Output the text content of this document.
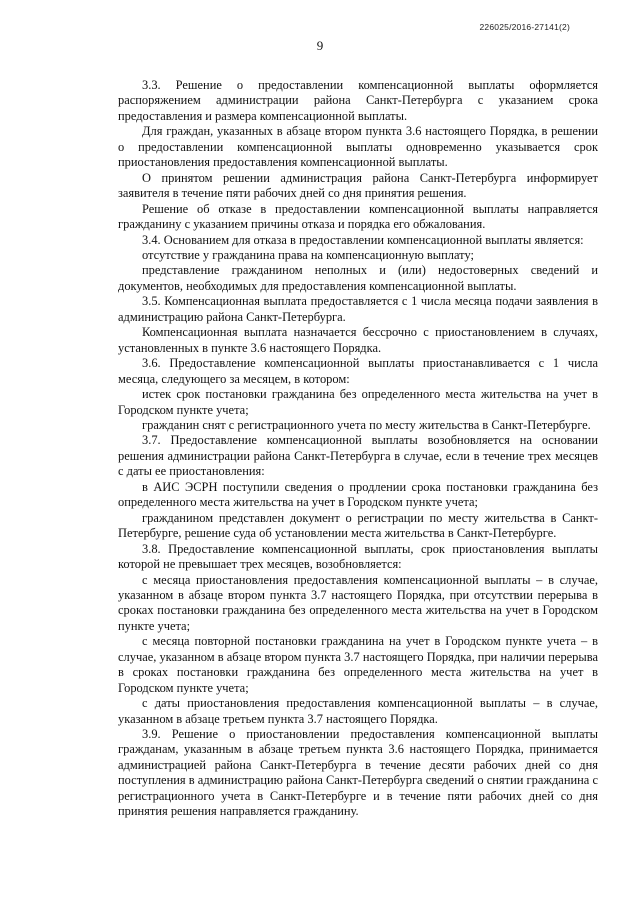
226025/2016-27141(2)
9

3.3. Решение о предоставлении компенсационной выплаты оформляется распоряжением администрации района Санкт-Петербурга с указанием срока предоставления и размера компенсационной выплаты.

Для граждан, указанных в абзаце втором пункта 3.6 настоящего Порядка, в решении о предоставлении компенсационной выплаты одновременно указывается срок приостановления предоставления компенсационной выплаты.

О принятом решении администрация района Санкт-Петербурга информирует заявителя в течение пяти рабочих дней со дня принятия решения.

Решение об отказе в предоставлении компенсационной выплаты направляется гражданину с указанием причины отказа и порядка его обжалования.

3.4. Основанием для отказа в предоставлении компенсационной выплаты является:

отсутствие у гражданина права на компенсационную выплату;

представление гражданином неполных и (или) недостоверных сведений и документов, необходимых для предоставления компенсационной выплаты.

3.5. Компенсационная выплата предоставляется с 1 числа месяца подачи заявления в администрацию района Санкт-Петербурга.

Компенсационная выплата назначается бессрочно с приостановлением в случаях, установленных в пункте 3.6 настоящего Порядка.

3.6. Предоставление компенсационной выплаты приостанавливается с 1 числа месяца, следующего за месяцем, в котором:

истек срок постановки гражданина без определенного места жительства на учет в Городском пункте учета;

гражданин снят с регистрационного учета по месту жительства в Санкт-Петербурге.

3.7. Предоставление компенсационной выплаты возобновляется на основании решения администрации района Санкт-Петербурга в случае, если в течение трех месяцев с даты ее приостановления:

в АИС ЭСРН поступили сведения о продлении срока постановки гражданина без определенного места жительства на учет в Городском пункте учета;

гражданином представлен документ о регистрации по месту жительства в Санкт-Петербурге, решение суда об установлении места жительства в Санкт-Петербурге.

3.8. Предоставление компенсационной выплаты, срок приостановления выплаты которой не превышает трех месяцев, возобновляется:

с месяца приостановления предоставления компенсационной выплаты – в случае, указанном в абзаце втором пункта 3.7 настоящего Порядка, при отсутствии перерыва в сроках постановки гражданина без определенного места жительства на учет в Городском пункте учета;

с месяца повторной постановки гражданина на учет в Городском пункте учета – в случае, указанном в абзаце втором пункта 3.7 настоящего Порядка, при наличии перерыва в сроках постановки гражданина без определенного места жительства на учет в Городском пункте учета;

с даты приостановления предоставления компенсационной выплаты – в случае, указанном в абзаце третьем пункта 3.7 настоящего Порядка.

3.9. Решение о приостановлении предоставления компенсационной выплаты гражданам, указанным в абзаце третьем пункта 3.6 настоящего Порядка, принимается администрацией района Санкт-Петербурга в течение десяти рабочих дней со дня поступления в администрацию района Санкт-Петербурга сведений о снятии гражданина с регистрационного учета в Санкт-Петербурге и в течение пяти рабочих дней со дня принятия решения направляется гражданину.
